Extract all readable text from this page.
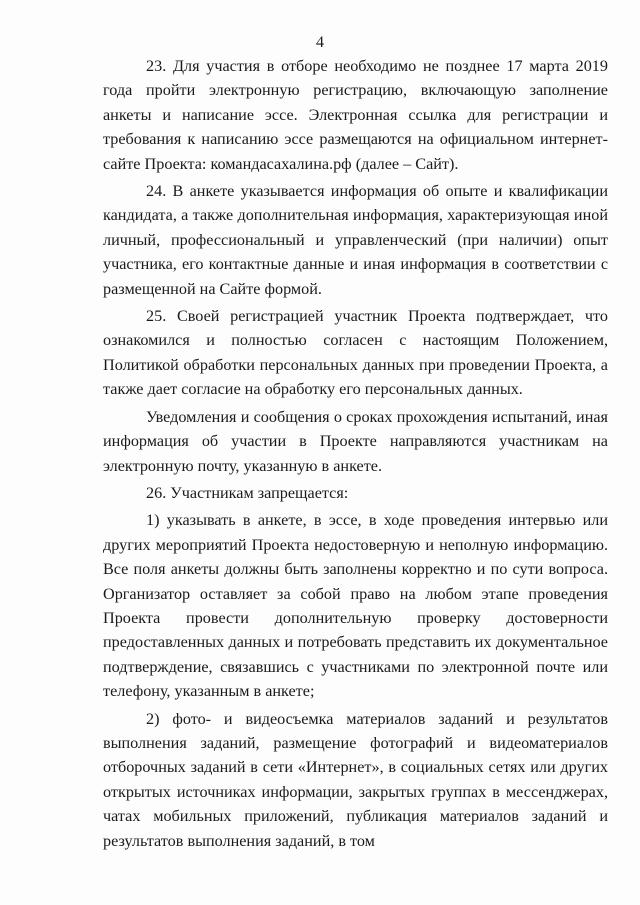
4

23. Для участия в отборе необходимо не позднее 17 марта 2019 года пройти электронную регистрацию, включающую заполнение анкеты и написание эссе. Электронная ссылка для регистрации и требования к написанию эссе размещаются на официальном интернет-сайте Проекта: командасахалина.рф (далее – Сайт).

24. В анкете указывается информация об опыте и квалификации кандидата, а также дополнительная информация, характеризующая иной личный, профессиональный и управленческий (при наличии) опыт участника, его контактные данные и иная информация в соответствии с размещенной на Сайте формой.

25. Своей регистрацией участник Проекта подтверждает, что ознакомился и полностью согласен с настоящим Положением, Политикой обработки персональных данных при проведении Проекта, а также дает согласие на обработку его персональных данных.

Уведомления и сообщения о сроках прохождения испытаний, иная информация об участии в Проекте направляются участникам на электронную почту, указанную в анкете.

26. Участникам запрещается:

1) указывать в анкете, в эссе, в ходе проведения интервью или других мероприятий Проекта недостоверную и неполную информацию. Все поля анкеты должны быть заполнены корректно и по сути вопроса. Организатор оставляет за собой право на любом этапе проведения Проекта провести дополнительную проверку достоверности предоставленных данных и потребовать представить их документальное подтверждение, связавшись с участниками по электронной почте или телефону, указанным в анкете;

2) фото- и видеосъемка материалов заданий и результатов выполнения заданий, размещение фотографий и видеоматериалов отборочных заданий в сети «Интернет», в социальных сетях или других открытых источниках информации, закрытых группах в мессенджерах, чатах мобильных приложений, публикация материалов заданий и результатов выполнения заданий, в том
